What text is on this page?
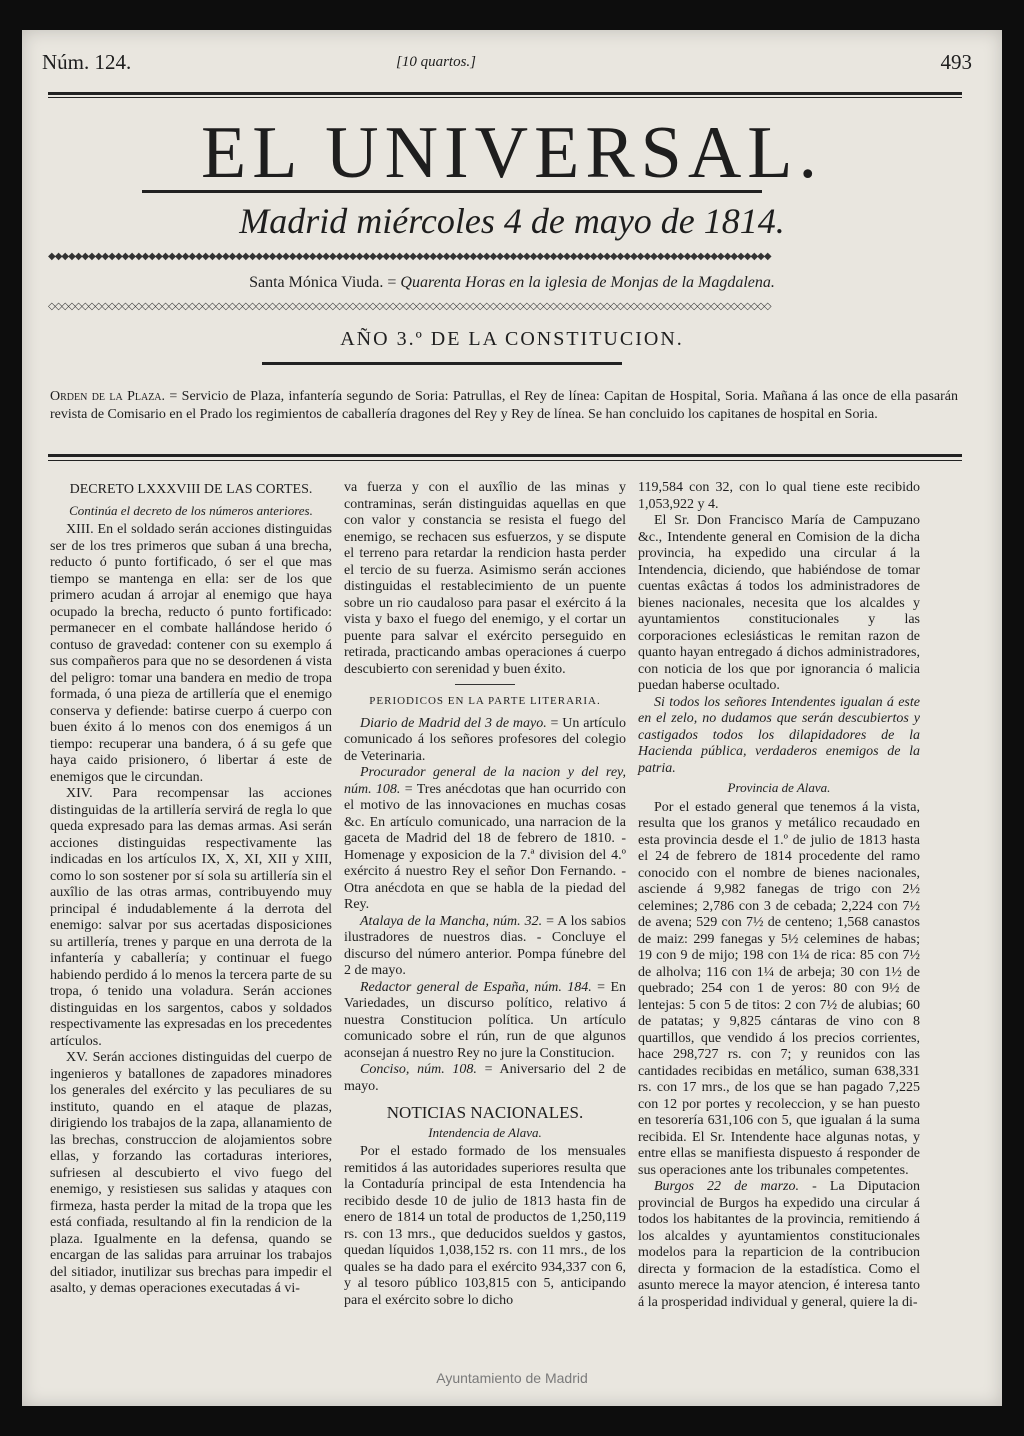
Núm. 124.	[10 quartos.]	493
EL UNIVERSAL.
Madrid miércoles 4 de mayo de 1814.
◆◆◆◆◆◆◆◆◆◆◆◆◆◆◆◆◆◆◆◆◆◆◆◆◆◆◆◆◆◆◆◆◆◆◆◆◆◆◆◆◆◆◆◆◆◆◆◆◆◆◆◆◆◆◆◆◆◆◆◆◆◆◆◆◆◆◆◆◆◆◆◆◆◆◆◆◆◆◆◆◆◆◆◆◆◆◆◆◆◆◆◆◆◆◆◆◆◆◆◆◆◆◆◆◆◆◆◆
Santa Mónica Viuda. = Quarenta Horas en la iglesia de Monjas de la Magdalena.
◇◇◇◇◇◇◇◇◇◇◇◇◇◇◇◇◇◇◇◇◇◇◇◇◇◇◇◇◇◇◇◇◇◇◇◇◇◇◇◇◇◇◇◇◇◇◇◇◇◇◇◇◇◇◇◇◇◇◇◇◇◇◇◇◇◇◇◇◇◇◇◇◇◇◇◇◇◇◇◇◇◇◇◇◇◇◇◇◇◇◇◇◇◇◇◇◇◇◇◇◇◇◇◇◇◇◇◇
AÑO 3.º DE LA CONSTITUCION.
Orden de la Plaza. = Servicio de Plaza, infantería segundo de Soria: Patrullas, el Rey de línea: Capitan de Hospital, Soria. Mañana á las once de ella pasarán revista de Comisario en el Prado los regimientos de caballería dragones del Rey y Rey de línea. Se han concluido los capitanes de hospital en Soria.
DECRETO LXXXVIII DE LAS CORTES.
Continúa el decreto de los números anteriores.

XIII. En el soldado serán acciones distinguidas ser de los tres primeros que suban á una brecha, reducto ó punto fortificado, ó ser el que mas tiempo se mantenga en ella: ser de los que primero acudan á arrojar al enemigo que haya ocupado la brecha, reducto ó punto fortificado: permanecer en el combate hallándose herido ó contuso de gravedad: contener con su exemplo á sus compañeros para que no se desordenen á vista del peligro: tomar una bandera en medio de tropa formada, ó una pieza de artillería que el enemigo conserva y defiende: batirse cuerpo á cuerpo con buen éxito á lo menos con dos enemigos á un tiempo: recuperar una bandera, ó á su gefe que haya caido prisionero, ó libertar á este de enemigos que le circundan.

XIV. Para recompensar las acciones distinguidas de la artillería servirá de regla lo que queda expresado para las demas armas. Asi serán acciones distinguidas respectivamente las indicadas en los artículos IX, X, XI, XII y XIII, como lo son sostener por sí sola su artillería sin el auxîlio de las otras armas, contribuyendo muy principal é indudablemente á la derrota del enemigo: salvar por sus acertadas disposiciones su artillería, trenes y parque en una derrota de la infantería y caballería; y continuar el fuego habiendo perdido á lo menos la tercera parte de su tropa, ó tenido una voladura. Serán acciones distinguidas en los sargentos, cabos y soldados respectivamente las expresadas en los precedentes artículos.

XV. Serán acciones distinguidas del cuerpo de ingenieros y batallones de zapadores minadores los generales del exército y las peculiares de su instituto, quando en el ataque de plazas, dirigiendo los trabajos de la zapa, allanamiento de las brechas, construccion de alojamientos sobre ellas, y forzando las cortaduras interiores, sufriesen al descubierto el vivo fuego del enemigo, y resistiesen sus salidas y ataques con firmeza, hasta perder la mitad de la tropa que les está confiada, resultando al fin la rendicion de la plaza. Igualmente en la defensa, quando se encargan de las salidas para arruinar los trabajos del sitiador, inutilizar sus brechas para impedir el asalto, y demas operaciones executadas á vi-

va fuerza y con el auxîlio de las minas y contraminas, serán distinguidas aquellas en que con valor y constancia se resista el fuego del enemigo, se rechacen sus esfuerzos, y se dispute el terreno para retardar la rendicion hasta perder el tercio de su fuerza. Asimismo serán acciones distinguidas el restablecimiento de un puente sobre un rio caudaloso para pasar el exército á la vista y baxo el fuego del enemigo, y el cortar un puente para salvar el exército perseguido en retirada, practicando ambas operaciones á cuerpo descubierto con serenidad y buen éxito.

PERIODICOS EN LA PARTE LITERARIA.

Diario de Madrid del 3 de mayo. = Un artículo comunicado á los señores profesores del colegio de Veterinaria.

Procurador general de la nacion y del rey, núm. 108. = Tres anécdotas que han ocurrido con el motivo de las innovaciones en muchas cosas &c. En artículo comunicado, una narracion de la gaceta de Madrid del 18 de febrero de 1810. - Homenage y exposicion de la 7.ª division del 4.º exército á nuestro Rey el señor Don Fernando. - Otra anécdota en que se habla de la piedad del Rey.

Atalaya de la Mancha, núm. 32. = A los sabios ilustradores de nuestros dias. - Concluye el discurso del número anterior. Pompa fúnebre del 2 de mayo.

Redactor general de España, núm. 184. = En Variedades, un discurso político, relativo á nuestra Constitucion política. Un artículo comunicado sobre el rún, run de que algunos aconsejan á nuestro Rey no jure la Constitucion.

Conciso, núm. 108. = Aniversario del 2 de mayo.

NOTICIAS NACIONALES.
Intendencia de Alava.

Por el estado formado de los mensuales remitidos á las autoridades superiores resulta que la Contaduría principal de esta Intendencia ha recibido desde 10 de julio de 1813 hasta fin de enero de 1814 un total de productos de 1,250,119 rs. con 13 mrs., que deducidos sueldos y gastos, quedan líquidos 1,038,152 rs. con 11 mrs., de los quales se ha dado para el exército 934,337 con 6, y al tesoro público 103,815 con 5, anticipando para el exército sobre lo dicho

119,584 con 32, con lo qual tiene este recibido 1,053,922 y 4.

El Sr. Don Francisco María de Campuzano &c., Intendente general en Comision de la dicha provincia, ha expedido una circular á la Intendencia, diciendo, que habiéndose de tomar cuentas exâctas á todos los administradores de bienes nacionales, necesita que los alcaldes y ayuntamientos constitucionales y las corporaciones eclesiásticas le remitan razon de quanto hayan entregado á dichos administradores, con noticia de los que por ignorancia ó malicia puedan haberse ocultado.

Si todos los señores Intendentes igualan á este en el zelo, no dudamos que serán descubiertos y castigados todos los dilapidadores de la Hacienda pública, verdaderos enemigos de la patria.

Provincia de Alava.

Por el estado general que tenemos á la vista, resulta que los granos y metálico recaudado en esta provincia desde el 1.º de julio de 1813 hasta el 24 de febrero de 1814 procedente del ramo conocido con el nombre de bienes nacionales, asciende á 9,982 fanegas de trigo con 2½ celemines; 2,786 con 3 de cebada; 2,224 con 7½ de avena; 529 con 7½ de centeno; 1,568 canastos de maiz: 299 fanegas y 5½ celemines de habas; 19 con 9 de mijo; 198 con 1¼ de rica: 85 con 7½ de alholva; 116 con 1¼ de arbeja; 30 con 1½ de quebrado; 254 con 1 de yeros: 80 con 9½ de lentejas: 5 con 5 de titos: 2 con 7½ de alubias; 60 de patatas; y 9,825 cántaras de vino con 8 quartillos, que vendido á los precios corrientes, hace 298,727 rs. con 7; y reunidos con las cantidades recibidas en metálico, suman 638,331 rs. con 17 mrs., de los que se han pagado 7,225 con 12 por portes y recoleccion, y se han puesto en tesorería 631,106 con 5, que igualan á la suma recibida. El Sr. Intendente hace algunas notas, y entre ellas se manifiesta dispuesto á responder de sus operaciones ante los tribunales competentes.

Burgos 22 de marzo. - La Diputacion provincial de Burgos ha expedido una circular á todos los habitantes de la provincia, remitiendo á los alcaldes y ayuntamientos constitucionales modelos para la reparticion de la contribucion directa y formacion de la estadística. Como el asunto merece la mayor atencion, é interesa tanto á la prosperidad individual y general, quiere la di-

Ayuntamiento de Madrid
